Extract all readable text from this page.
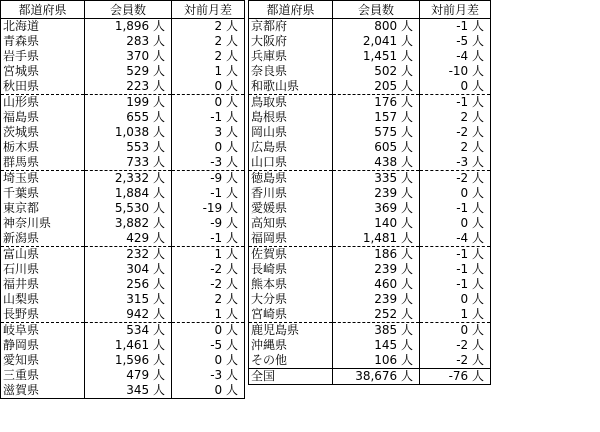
都道府県	会員数	対前月差
北海道	1,896 人	2 人
青森県	283 人	2 人
岩手県	370 人	2 人
宮城県	529 人	1 人
秋田県	223 人	0 人
山形県	199 人	0 人
福島県	655 人	-1 人
茨城県	1,038 人	3 人
栃木県	553 人	0 人
群馬県	733 人	-3 人
埼玉県	2,332 人	-9 人
千葉県	1,884 人	-1 人
東京都	5,530 人	-19 人
神奈川県	3,882 人	-9 人
新潟県	429 人	-1 人
富山県	232 人	1 人
石川県	304 人	-2 人
福井県	256 人	-2 人
山梨県	315 人	2 人
長野県	942 人	1 人
岐阜県	534 人	0 人
静岡県	1,461 人	-5 人
愛知県	1,596 人	0 人
三重県	479 人	-3 人
滋賀県	345 人	0 人
都道府県	会員数	対前月差
京都府	800 人	-1 人
大阪府	2,041 人	-5 人
兵庫県	1,451 人	-4 人
奈良県	502 人	-10 人
和歌山県	205 人	0 人
鳥取県	176 人	-1 人
島根県	157 人	2 人
岡山県	575 人	-2 人
広島県	605 人	2 人
山口県	438 人	-3 人
徳島県	335 人	-2 人
香川県	239 人	0 人
愛媛県	369 人	-1 人
高知県	140 人	0 人
福岡県	1,481 人	-4 人
佐賀県	186 人	-1 人
長崎県	239 人	-1 人
熊本県	460 人	-1 人
大分県	239 人	0 人
宮崎県	252 人	1 人
鹿児島県	385 人	0 人
沖縄県	145 人	-2 人
その他	106 人	-2 人
全国	38,676 人	-76 人
